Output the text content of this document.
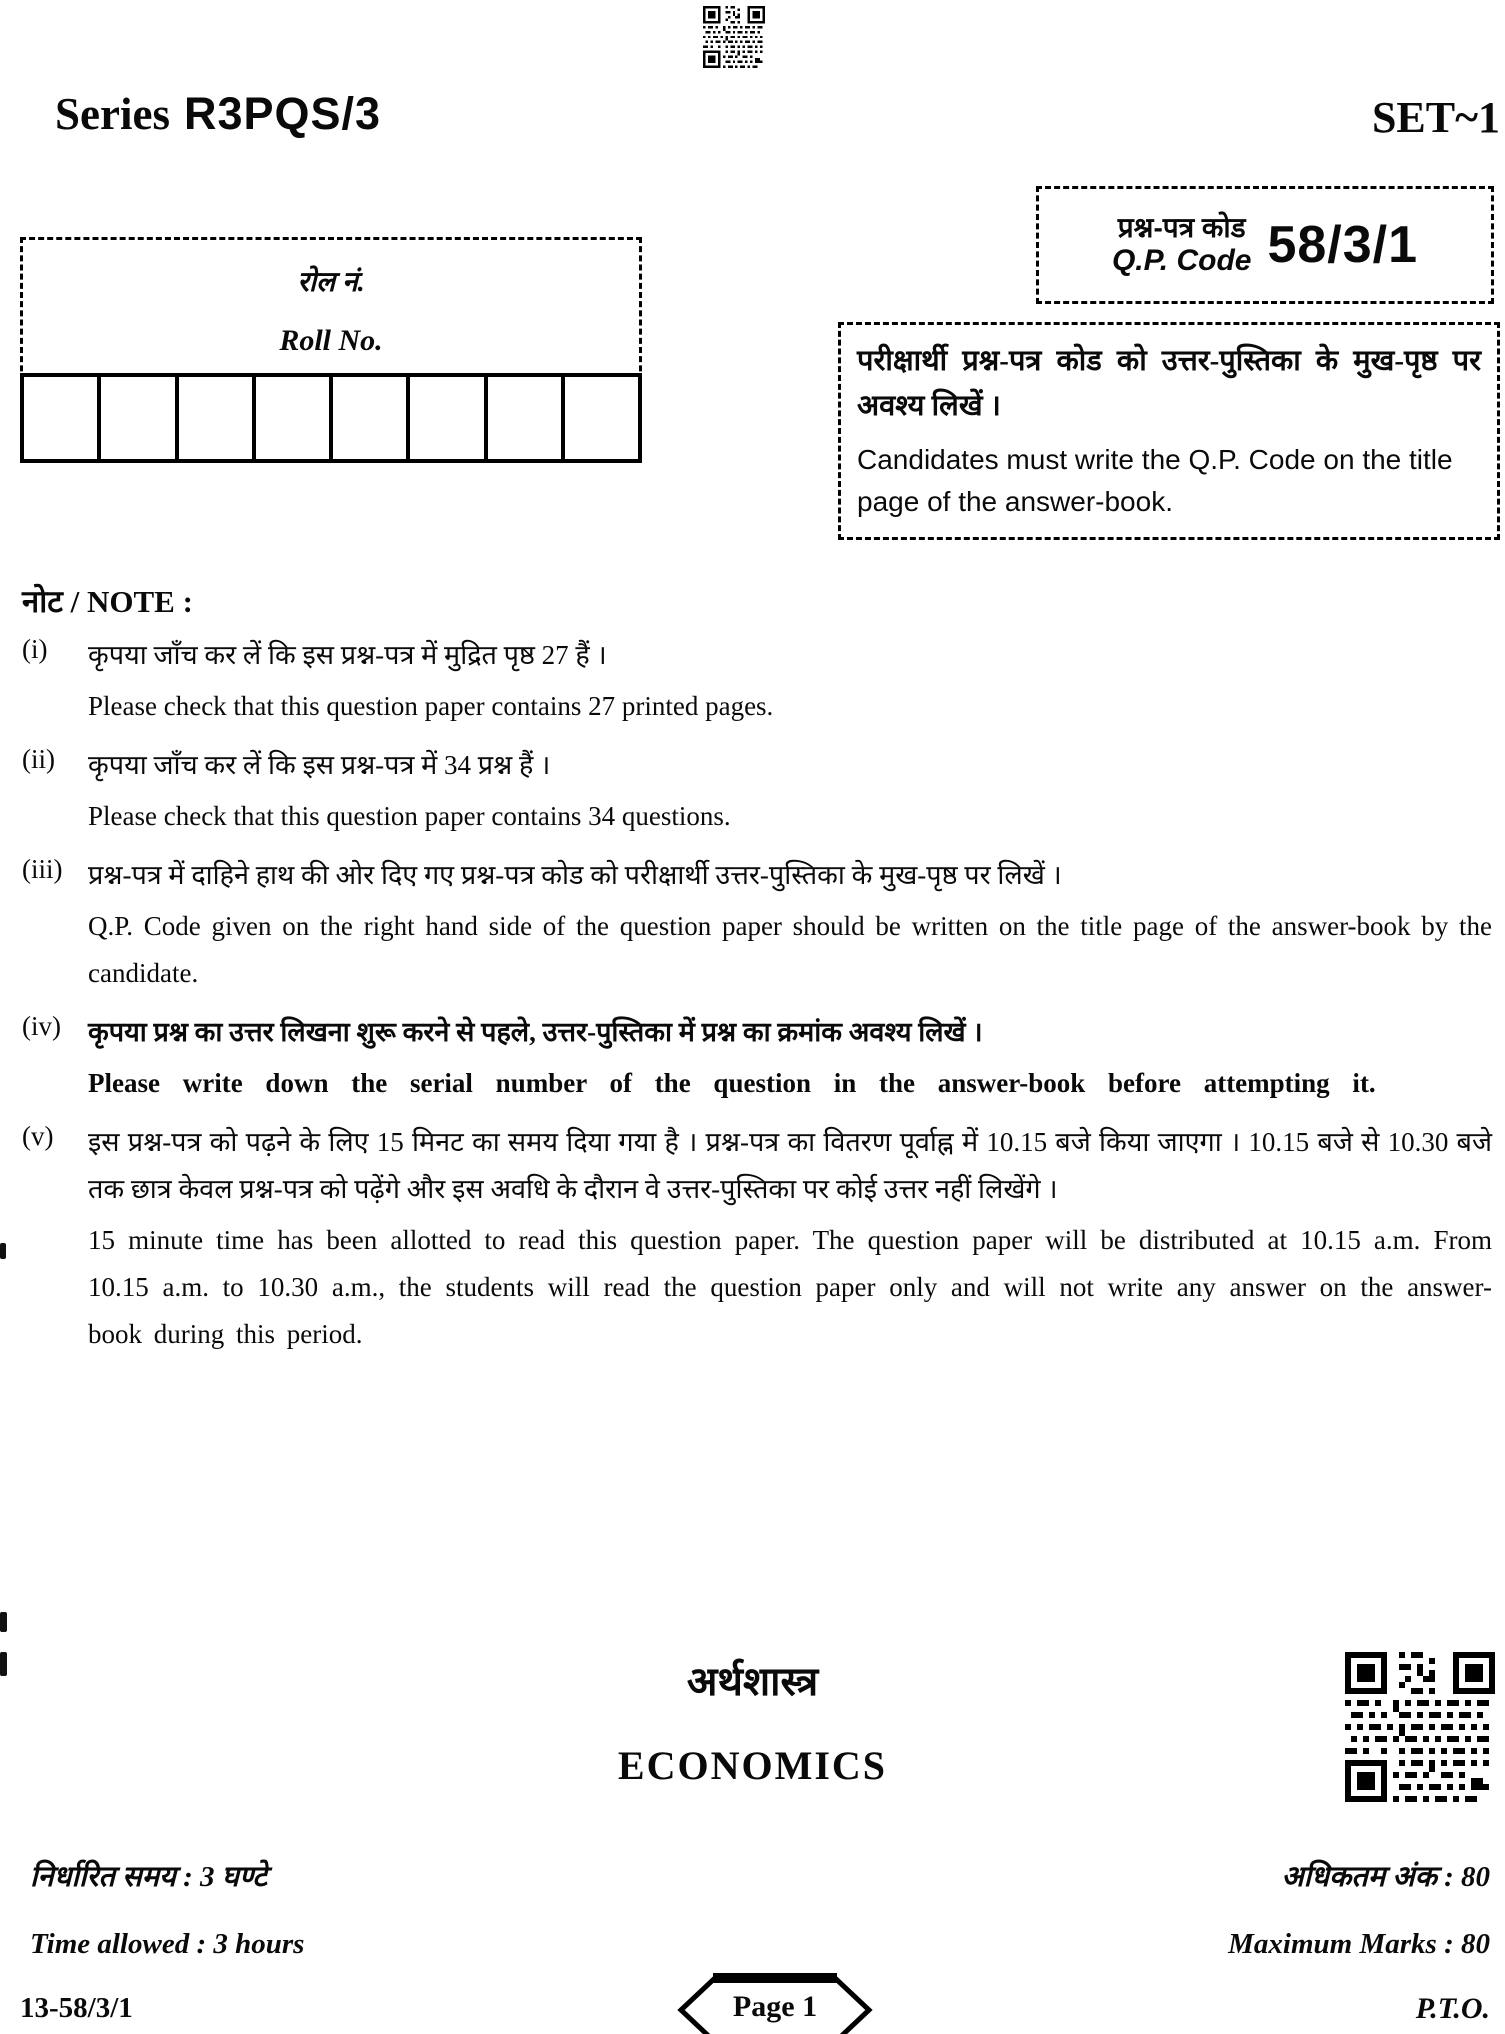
Series R3PQS/3	SET~1
प्रश्न-पत्र कोड
Q.P. Code 58/3/1
परीक्षार्थी प्रश्न-पत्र कोड को उत्तर-पुस्तिका के मुख-पृष्ठ पर अवश्य लिखें ।
Candidates must write the Q.P. Code on the title page of the answer-book.
रोल नं.
Roll No.
नोट / NOTE :
(i) कृपया जाँच कर लें कि इस प्रश्न-पत्र में मुद्रित पृष्ठ 27 हैं ।
Please check that this question paper contains 27 printed pages.
(ii) कृपया जाँच कर लें कि इस प्रश्न-पत्र में 34 प्रश्न हैं ।
Please check that this question paper contains 34 questions.
(iii) प्रश्न-पत्र में दाहिने हाथ की ओर दिए गए प्रश्न-पत्र कोड को परीक्षार्थी उत्तर-पुस्तिका के मुख-पृष्ठ पर लिखें ।
Q.P. Code given on the right hand side of the question paper should be written on the title page of the answer-book by the candidate.
(iv) कृपया प्रश्न का उत्तर लिखना शुरू करने से पहले, उत्तर-पुस्तिका में प्रश्न का क्रमांक अवश्य लिखें ।
Please write down the serial number of the question in the answer-book before attempting it.
(v) इस प्रश्न-पत्र को पढ़ने के लिए 15 मिनट का समय दिया गया है । प्रश्न-पत्र का वितरण पूर्वाह्न में 10.15 बजे किया जाएगा । 10.15 बजे से 10.30 बजे तक छात्र केवल प्रश्न-पत्र को पढ़ेंगे और इस अवधि के दौरान वे उत्तर-पुस्तिका पर कोई उत्तर नहीं लिखेंगे ।
15 minute time has been allotted to read this question paper. The question paper will be distributed at 10.15 a.m. From 10.15 a.m. to 10.30 a.m., the students will read the question paper only and will not write any answer on the answer-book during this period.
अर्थशास्त्र
ECONOMICS
निर्धारित समय : 3 घण्टे	अधिकतम अंक : 80
Time allowed : 3 hours	Maximum Marks : 80
13-58/3/1	Page 1	P.T.O.
